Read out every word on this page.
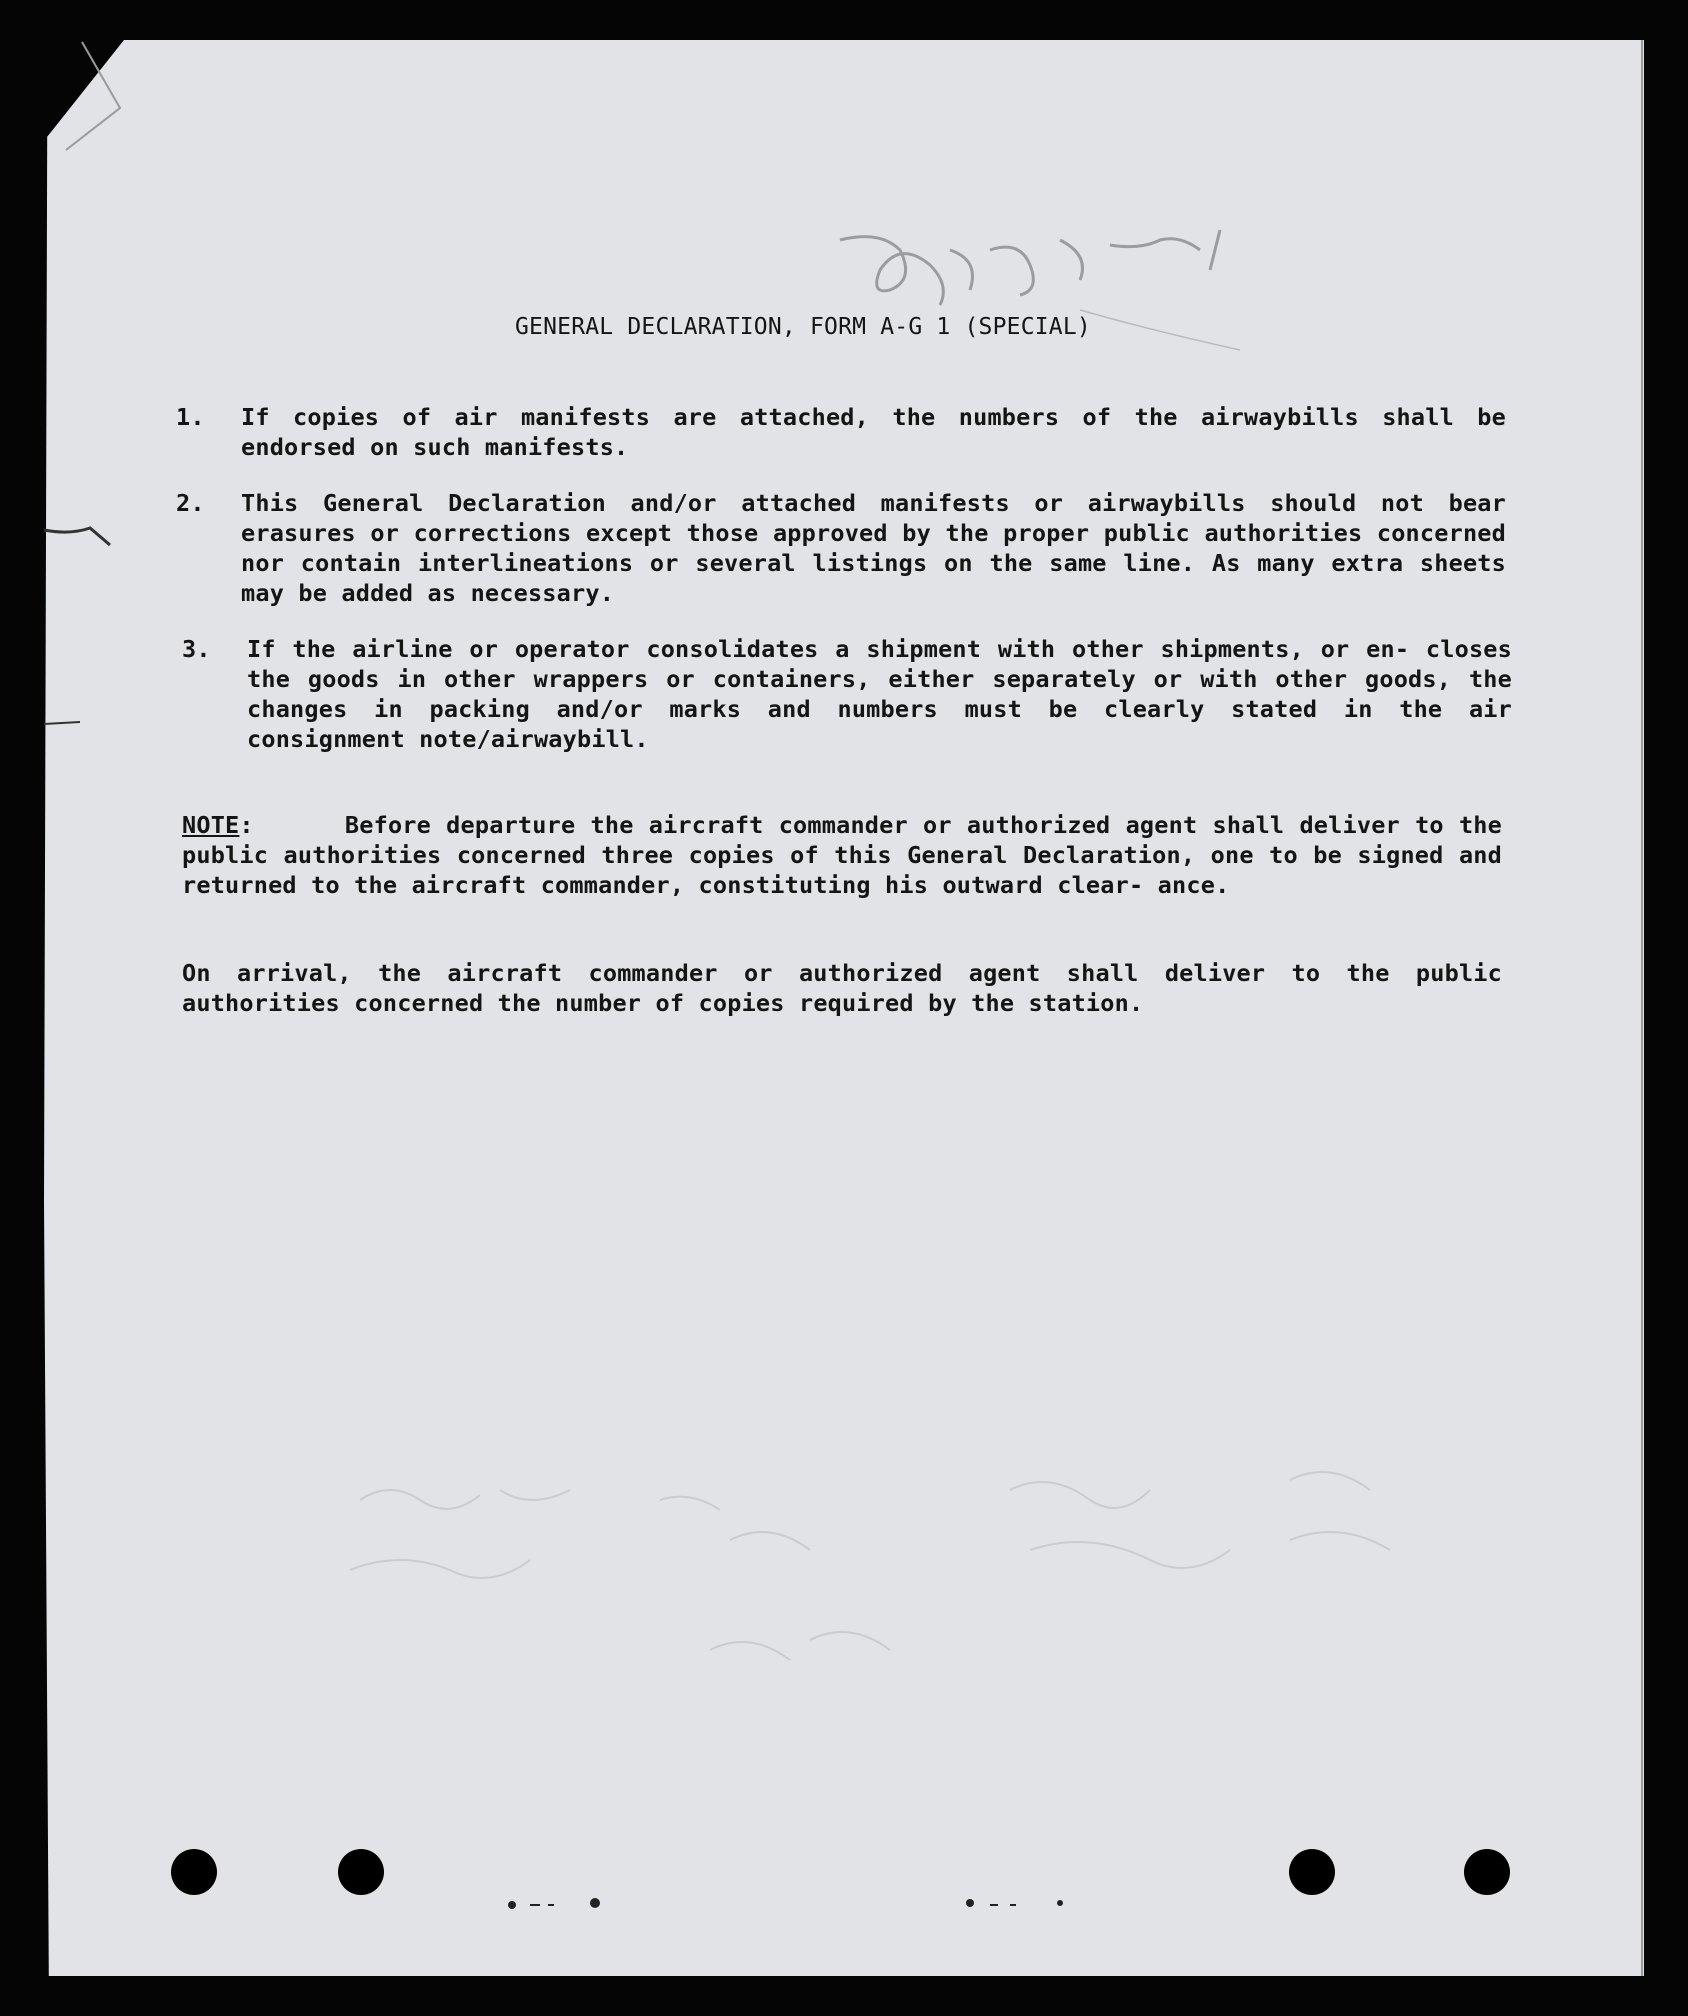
GENERAL DECLARATION, FORM A-G 1 (SPECIAL)
1.	If copies of air manifests are attached, the numbers of the airwaybills shall be endorsed on such manifests.
2.	This General Declaration and/or attached manifests or airwaybills should not bear erasures or corrections except those approved by the proper public authorities concerned nor contain interlineations or several listings on the same line. As many extra sheets may be added as necessary.
3.	If the airline or operator consolidates a shipment with other shipments, or en- closes the goods in other wrappers or containers, either separately or with other goods, the changes in packing and/or marks and numbers must be clearly stated in the air consignment note/airwaybill.
NOTE:	Before departure the aircraft commander or authorized agent shall deliver to the public authorities concerned three copies of this General Declaration, one to be signed and returned to the aircraft commander, constituting his outward clear- ance.
On arrival, the aircraft commander or authorized agent shall deliver to the public authorities concerned the number of copies required by the station.
